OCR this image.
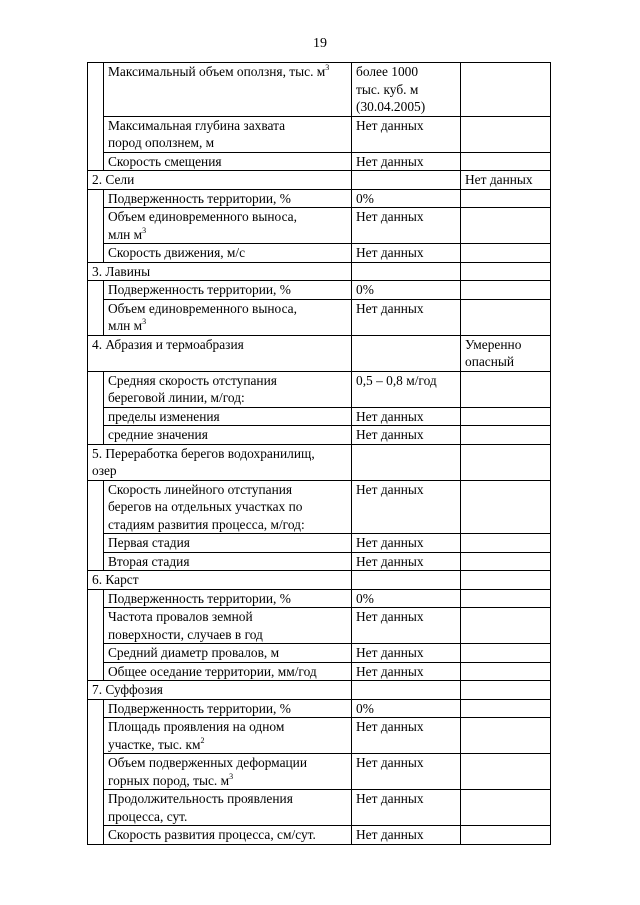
19
	Максимальный объем оползня, тыс. $м^3$	более 1000
тыс. куб. м
(30.04.2005)	
	Максимальная глубина захвата
пород оползнем, м	Нет данных	
	Скорость смещения	Нет данных	
2. Сели			Нет данных
	Подверженность территории, %	0%	
	Объем единовременного выноса,
млн $м^3$	Нет данных	
	Скорость движения, м/с	Нет данных	
3. Лавины			
	Подверженность территории, %	0%	
	Объем единовременного выноса,
млн $м^3$	Нет данных	
4. Абразия и термоабразия			Умеренно
опасный
	Средняя скорость отступания
береговой линии, м/год:	0,5 – 0,8 м/год	
	пределы изменения	Нет данных	
	средние значения	Нет данных	
5. Переработка берегов водохранилищ,
озер			
	Скорость линейного отступания
берегов на отдельных участках по
стадиям развития процесса, м/год:	Нет данных	
	Первая стадия	Нет данных	
	Вторая стадия	Нет данных	
6. Карст			
	Подверженность территории, %	0%	
	Частота провалов земной
поверхности, случаев в год	Нет данных	
	Средний диаметр провалов, м	Нет данных	
	Общее оседание территории, мм/год	Нет данных	
7. Суффозия			
	Подверженность территории, %	0%	
	Площадь проявления на одном
участке, тыс. $км^2$	Нет данных	
	Объем подверженных деформации
горных пород, тыс. $м^3$	Нет данных	
	Продолжительность проявления
процесса, сут.	Нет данных	
	Скорость развития процесса, см/сут.	Нет данных	
